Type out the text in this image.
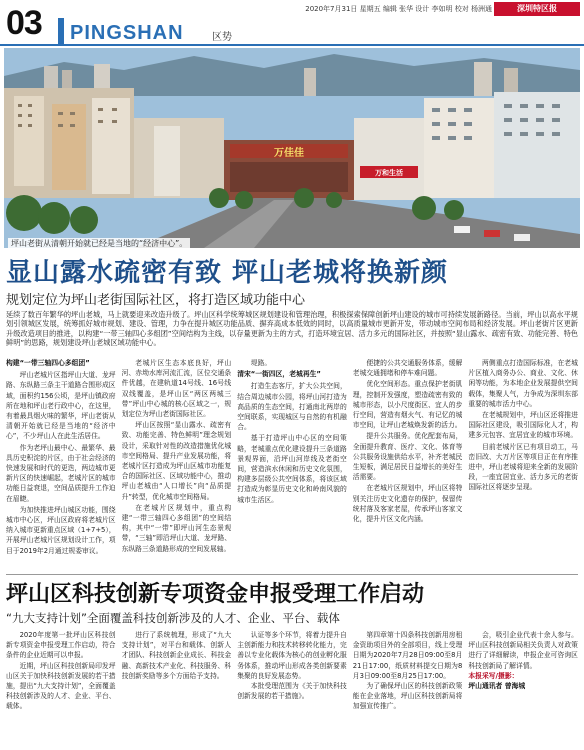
03 PINGSHAN	区势
2020年7月31日 星期五 编辑 张华 设计 李如明 校对 杨洲通	深圳特区报
万佳佳
万和生活
坪山老街从清朝开始就已经是当地的“经济中心”。
显山露水疏密有致 坪山老城将换新颜
规划定位为坪山老街国际社区，将打造区域功能中心
延续了数百年繁华的坪山老城，马上就要迎来改造升级了。坪山区科学统筹城区规划建设和管理治理，积极探索保障创新坪山建设的城市可持续发展新路径。当前，坪山以高水平规划引领城区发展，统筹抓好城市规划、建设、管理，力争在提升城区功能品质、摒弃高成本低效的同时，以高质量城市更新开发，带动城市空间布局和经济发展。坪山老街片区更新升级改造项目的推进，以构建“一带三轴四心多组团”空间结构为主线，以存量更新为主的方式，打造环境宜居、活力多元的国际社区，并按照“显山露水、疏密有致、功能完善、特色鲜明”的思路，规划建设坪山老城区域功能中心。
构建“一带三轴四心多组团”

坪山老城片区指坪山大道、龙坪路、东纵路三条主干道路合围形成区域，面积约156公顷，是坪山镇政府所在地和坪山老行政中心，在这里，有着最具烟火味的繁华，坪山老街从清朝开始就已经是当地的“经济中心”，不少坪山人在此生活居住。

作为老坪山最中心、最繁华、最具历史积淀的片区，由于社会经济的快速发展和时代的更迭，两边城市更新片区的快速崛起，老城片区的城市功能日益衰退，空间品质提升工作迫在眉睫。

为加快推进坪山城区功能，围绕城市中心区，坪山区政府将老城片区纳入城市更新重点区域（1+7+5），开展坪山老城片区规划设计工作，项目于2019年2月通过规委审议。

老城片区生态本底良好，坪山河、赤坳水库河流汇流，区位交通条件优越，在建轨道14号线、16号线双线覆盖，是坪山区“两区两城三带”坪山中心城的核心区域之一，规划定位为坪山老街国际社区。

坪山区按照“显山露水、疏密有致、功能完善、特色鲜明”理念规划设计，采取针对性的改造措施优化城市空间格局、提升产业发展功能，将老城片区打造成为坪山区城市功能复合的国际社区、区域功能中心，推动坪山老城由“人口增长”向“品质提升”转型，优化城市空间格局。

在老城片区规划中，重点构建“一带三轴四心多组团”的空间结构，其中“一带”即坪山河生态景观带，“三轴”即沿坪山大道、龙坪路、东纵路三条道路形成的空间发展轴。

堤路。

清宋“一街四区，老城再生”

打造生态客厅，扩大公共空间，结合周边城市公园，将坪山河打造为高品质的生态空间，打通南北两岸的空间联系，实现城区与自然的有机融合。

基于打造坪山中心区的空间策略，老城重点优化建设提升三条道路景观界面，沿坪山河岸线及老街空间，营造滨水休闲和历史文化氛围，构建多层级公共空间体系，将该区域打造成为彰显历史文化和岭南风貌的城市生活区。

便捷的公共交通服务体系，缓解老城交通拥堵和停车难问题。

优化空间形态。重点保护老街肌理，控制开发强度，塑造疏密有致的城市形态，以小尺度街区、宜人的步行空间，营造有烟火气、有记忆的城市空间，让坪山老城焕发新的活力。

提升公共服务。优化配套布局，全面提升教育、医疗、文化、体育等公共服务设施供给水平，补齐老城民生短板，满足居民日益增长的美好生活需要。

在老城片区规划中，坪山区将特别关注历史文化遗存的保护，保留传统村落及客家老屋，传承坪山客家文化，提升片区文化内涵。

两侧重点打造国际标准，在老城片区植入商务办公、商业、文化、休闲等功能，为本地企业发展提供空间载体，集聚人气，力争成为深圳东部重要的城市活力中心。

在老城规划中，坪山区还将推进国际社区建设，吸引国际化人才，构建多元包容、宜居宜业的城市环境。

目前老城片区已有项目动工，马峦旧改、大万片区等项目正在有序推进中，坪山老城将迎来全新的发展阶段，一座宜居宜业、活力多元的老街国际社区将逐步呈现。

坪山区科技创新专项资金申报受理工作启动
“九大支持计划”全面覆盖科技创新涉及的人才、企业、平台、载体

2020年度第一批坪山区科技创新专项资金申报受理工作启动，符合条件的企业近期可以申报。

近期，坪山区科技创新局印发坪山区关于加快科技创新发展的若干措施，提出“九大支持计划”，全面覆盖科技创新涉及的人才、企业、平台、载体。

进行了系统梳理，形成了“九大支持计划”，对平台和载体、创新人才团队、科技创新企业成长、科技金融、高新技术产业化、科技服务、科技创新奖励等多个方面给予支持。

认证等多个环节，将着力提升自主创新能力和技术转移转化能力，完善以专业化载体为核心的创业孵化服务体系，推动坪山形成各类创新要素集聚的良好发展态势。

本批受理范围为《关于加快科技创新发展的若干措施》。

第四章第十四条科技创新用房租金资助项目外的全部项目，线上受理日期为2020年7月28日09:00至8月21日17:00，纸质材料提交日期为8月3日09:00至8月25日17:00。

为了确保坪山区的科技创新政策能在企业落地，坪山区科技创新局将加强宣传推广。

会，吸引企业代表十余人参与。坪山区科技创新局相关负责人对政策进行了详细解读，申报企业可咨询区科技创新局了解详情。

本报采写/摄影：
坪山通讯者 曾海城
